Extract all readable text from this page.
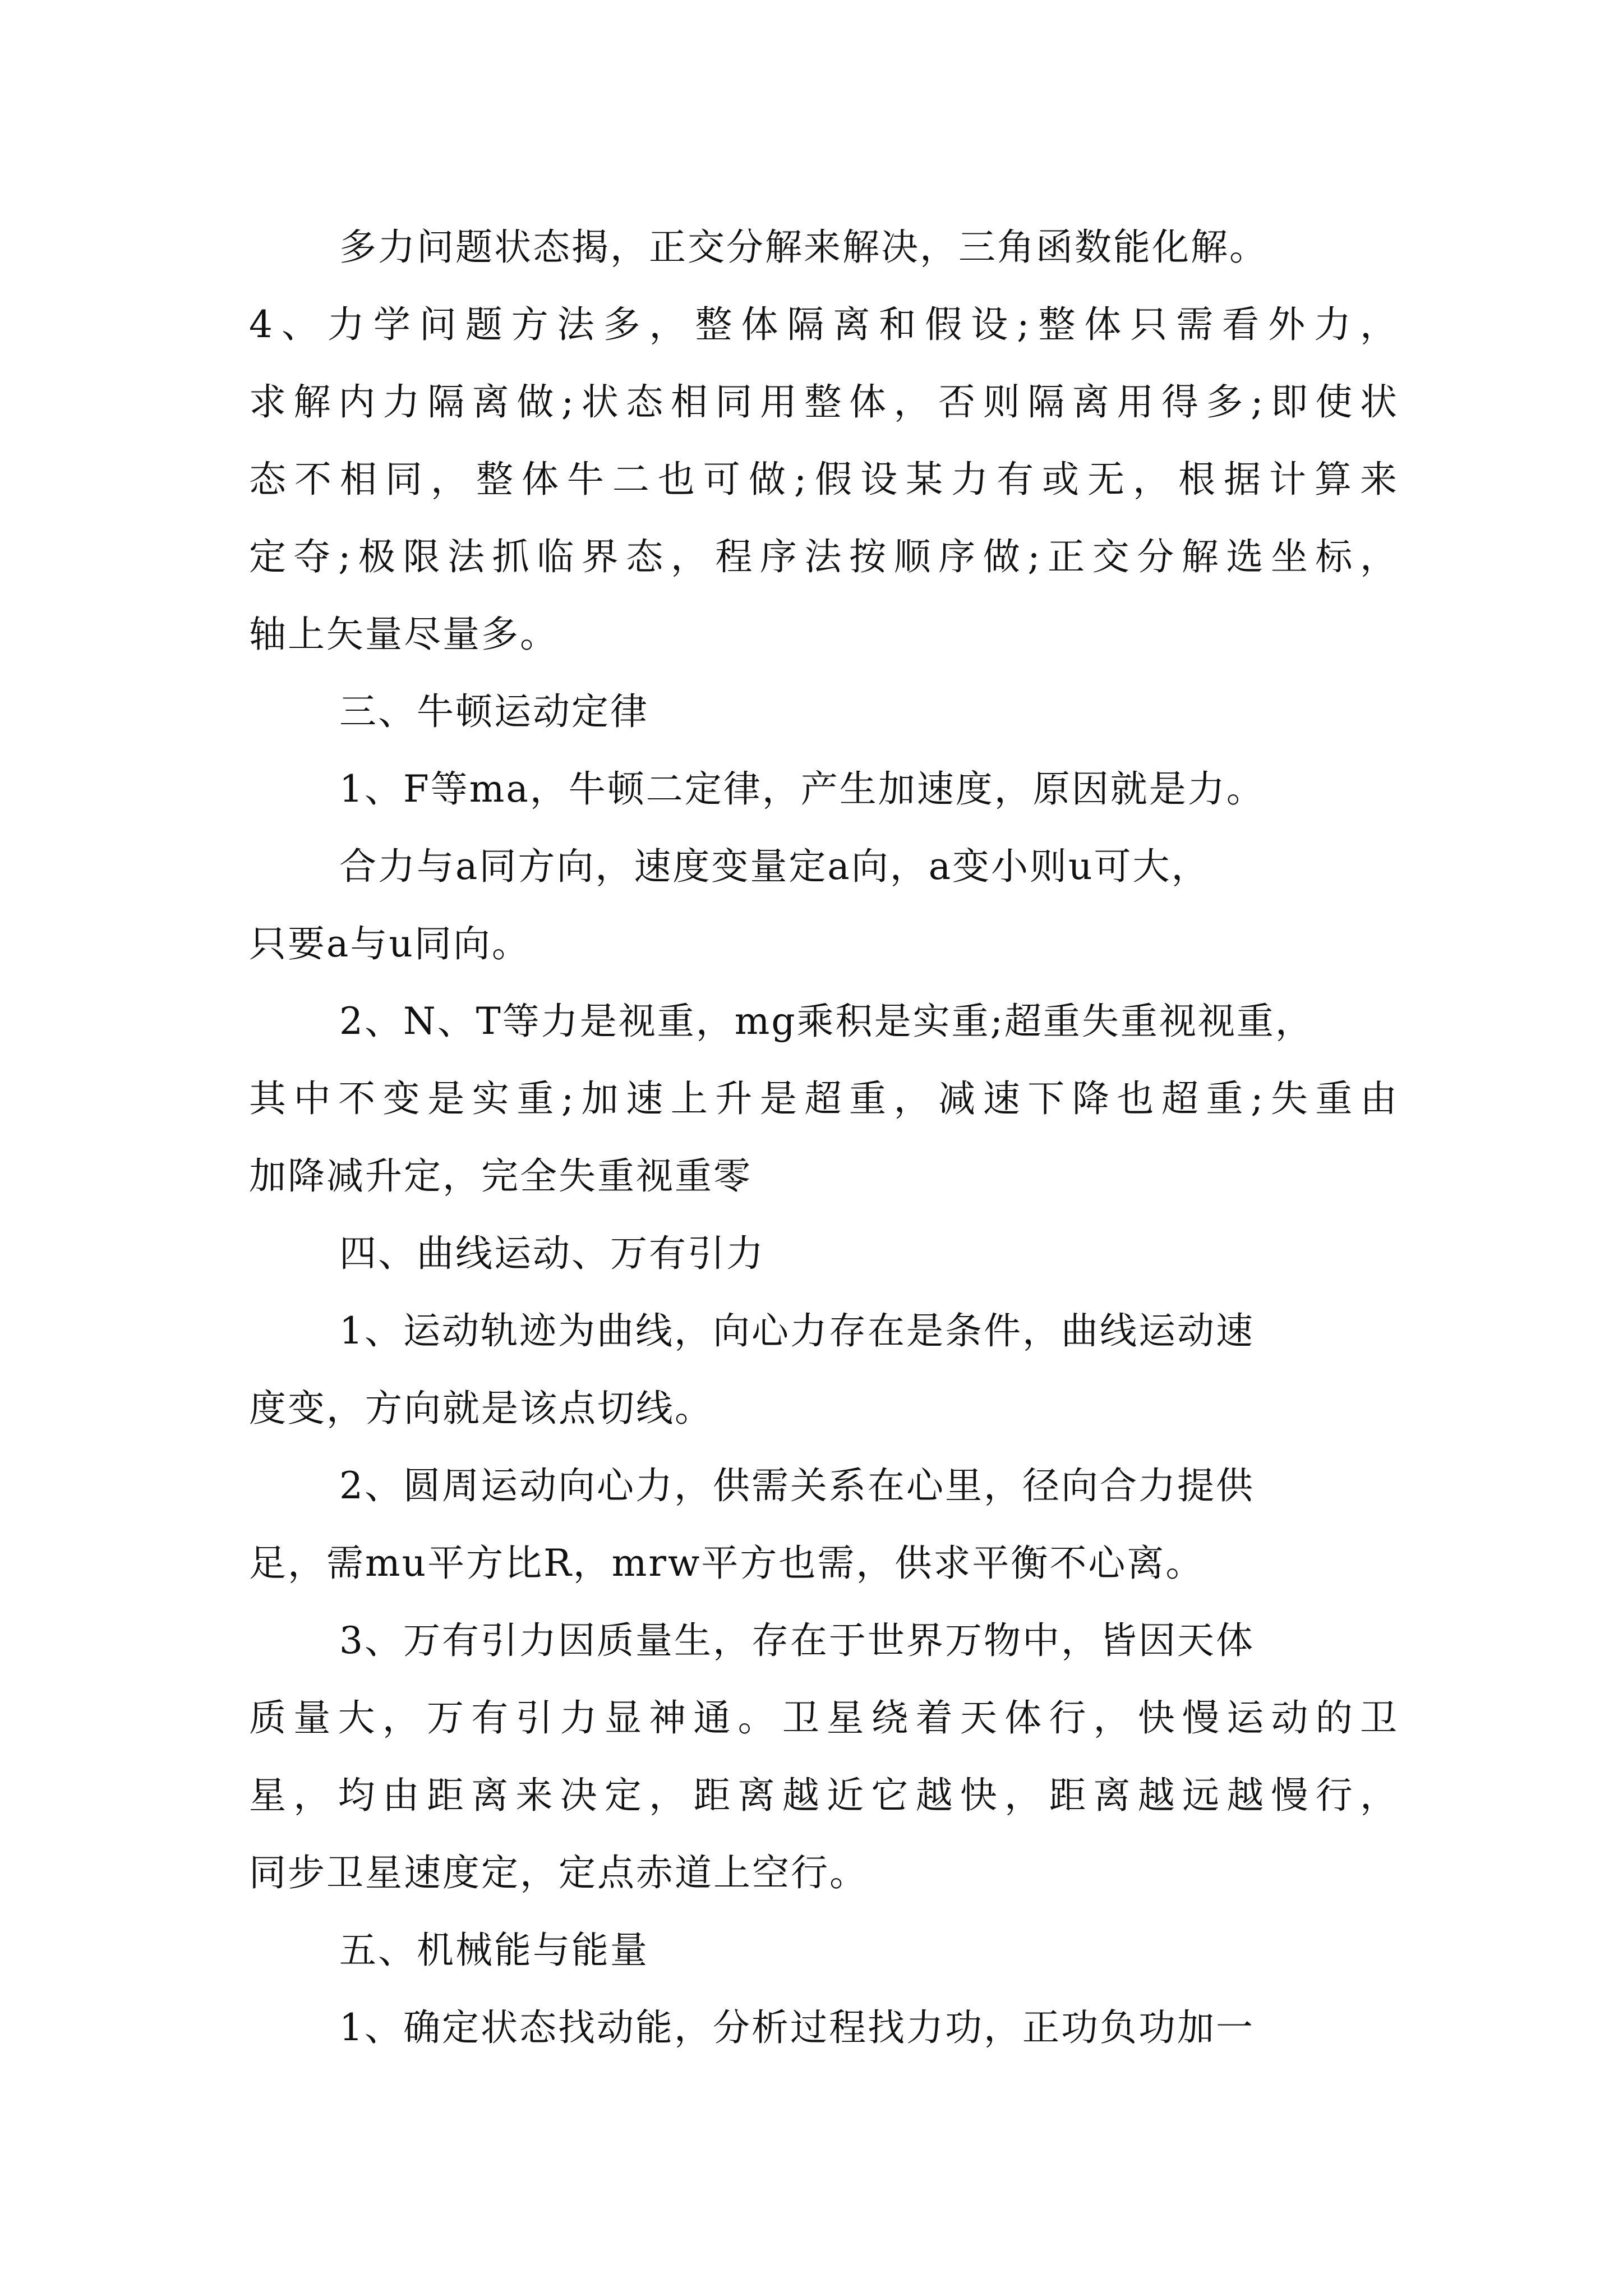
多力问题状态揭，正交分解来解决，三角函数能化解。
4、力学问题方法多，整体隔离和假设;整体只需看外力，
求解内力隔离做;状态相同用整体，否则隔离用得多;即使状
态不相同，整体牛二也可做;假设某力有或无，根据计算来
定夺;极限法抓临界态，程序法按顺序做;正交分解选坐标，
轴上矢量尽量多。
三、牛顿运动定律
1、F等ma，牛顿二定律，产生加速度，原因就是力。
合力与a同方向，速度变量定a向，a变小则u可大，
只要a与u同向。
2、N、T等力是视重，mg乘积是实重;超重失重视视重，
其中不变是实重;加速上升是超重，减速下降也超重;失重由
加降减升定，完全失重视重零
四、曲线运动、万有引力
1、运动轨迹为曲线，向心力存在是条件，曲线运动速
度变，方向就是该点切线。
2、圆周运动向心力，供需关系在心里，径向合力提供
足，需mu平方比R，mrw平方也需，供求平衡不心离。
3、万有引力因质量生，存在于世界万物中，皆因天体
质量大，万有引力显神通。卫星绕着天体行，快慢运动的卫
星，均由距离来决定，距离越近它越快，距离越远越慢行，
同步卫星速度定，定点赤道上空行。
五、机械能与能量
1、确定状态找动能，分析过程找力功，正功负功加一
